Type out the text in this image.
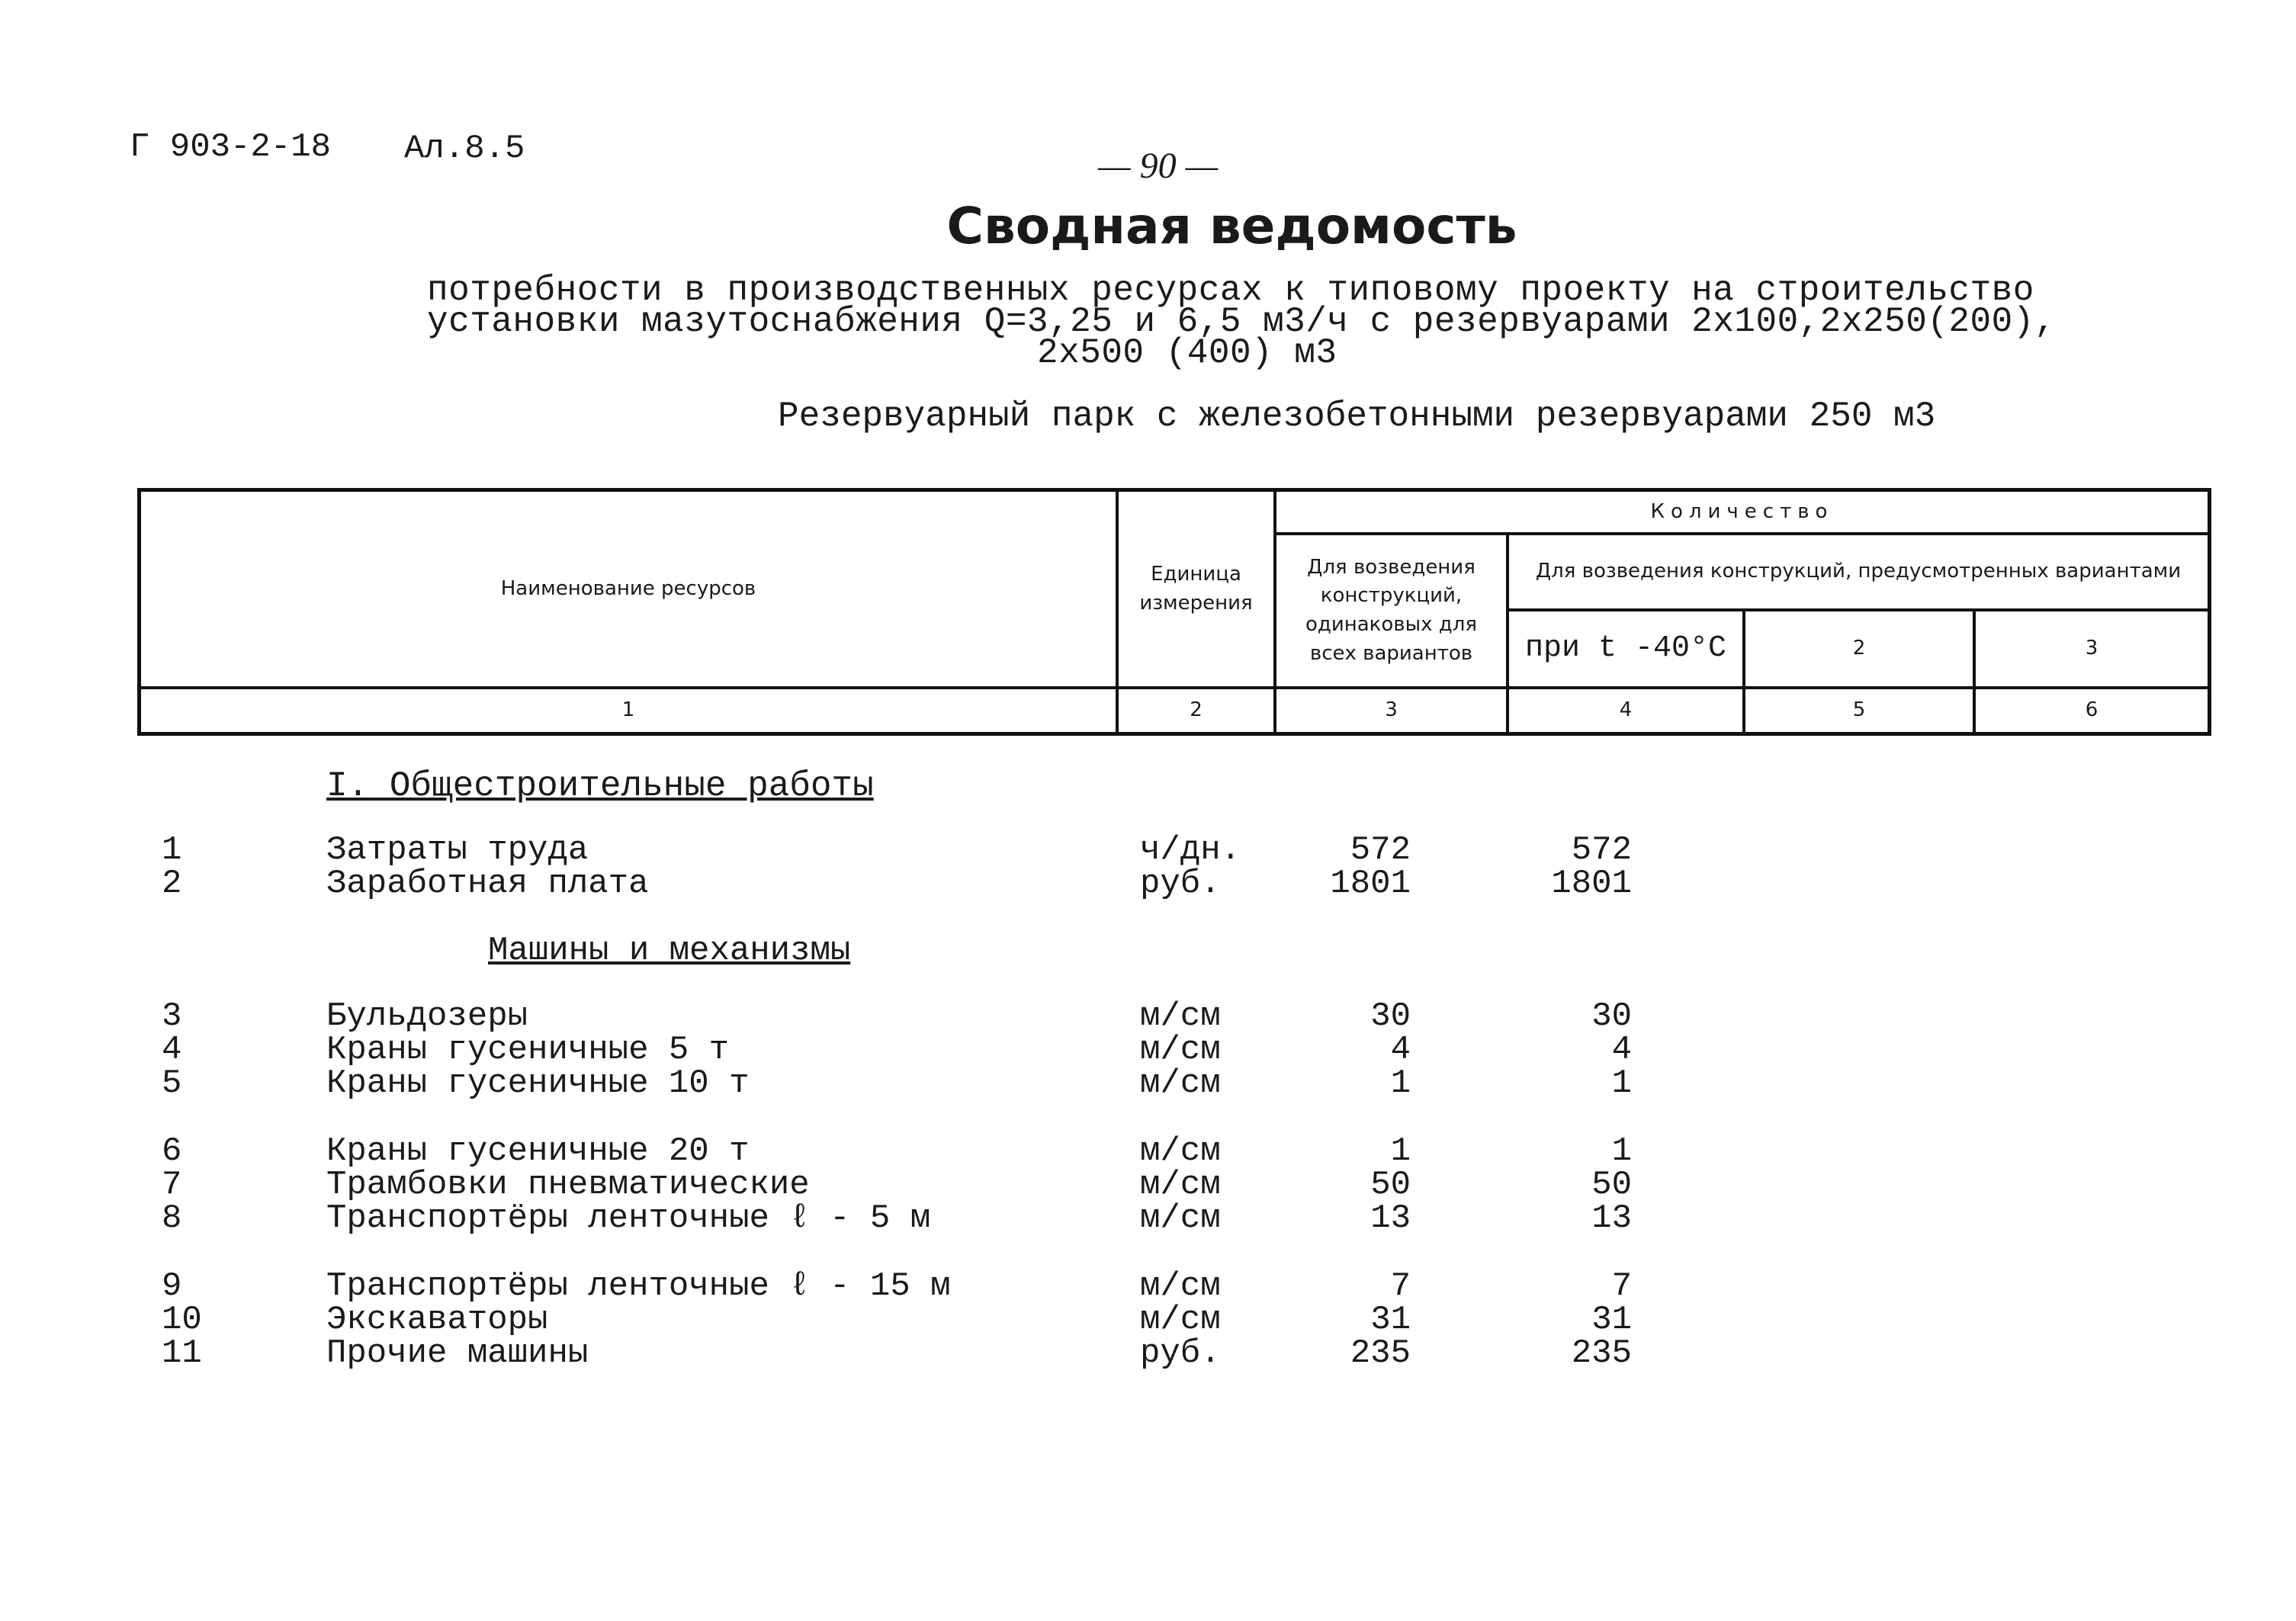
Г 903-2-18 Ал.8.5	— 90 —
Сводная ведомость
потребности в производственных ресурсах к типовому проекту на строительство
установки мазутоснабжения Q=3,25 и 6,5 м3/ч с резервуарами 2х100,2х250(200),
2х500 (400) м3
Резервуарный парк с железобетонными резервуарами 250 м3
Наименование ресурсов
Единица измерения
Количество
Для возведения конструкций, одинаковых для всех вариантов
Для возведения конструкций, предусмотренных вариантами
при t -40°C	2	3
1	2	3	4	5	6
I. Общестроительные работы
Машины и механизмы
1	Затраты труда	ч/дн.	572	572
2	Заработная плата	руб.	1801	1801
3	Бульдозеры	м/см	30	30
4	Краны гусеничные 5 т	м/см	4	4
5	Краны гусеничные 10 т	м/см	1	1
6	Краны гусеничные 20 т	м/см	1	1
7	Трамбовки пневматические	м/см	50	50
8	Транспортёры ленточные ℓ - 5 м	м/см	13	13
9	Транспортёры ленточные ℓ - 15 м	м/см	7	7
10	Экскаваторы	м/см	31	31
11	Прочие машины	руб.	235	235
